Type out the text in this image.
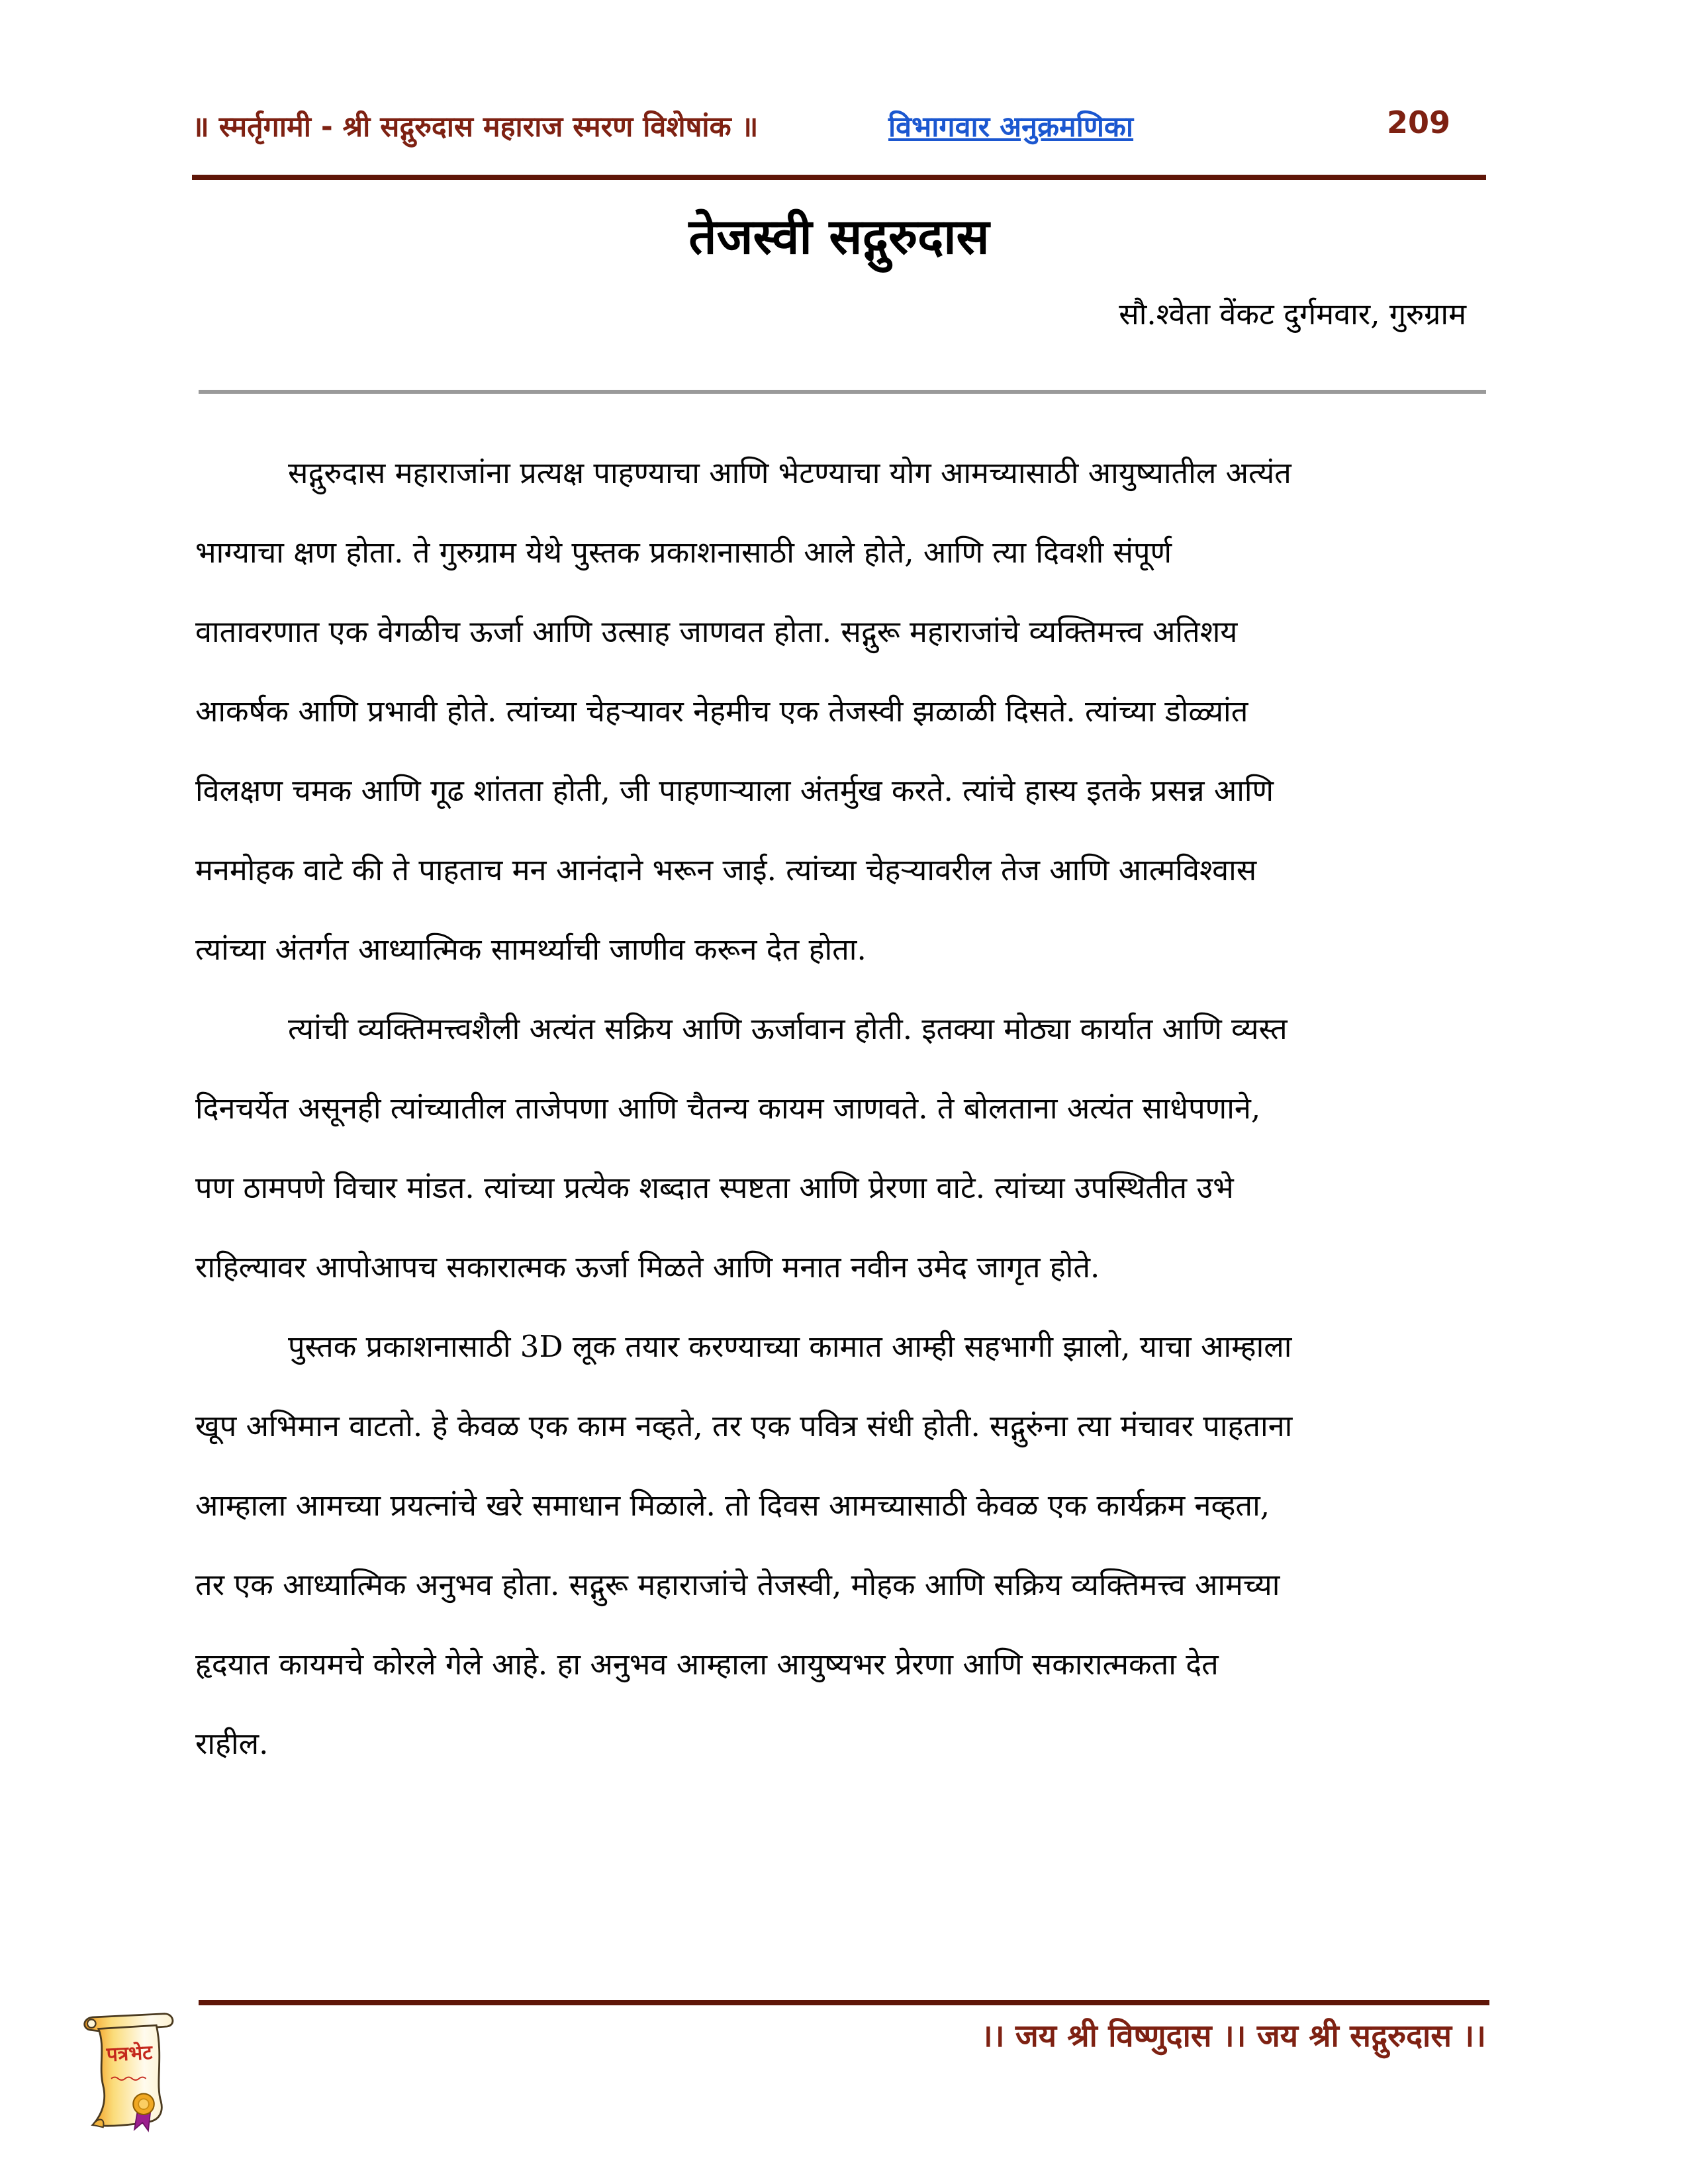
॥ स्मर्तृगामी - श्री सद्गुरुदास महाराज स्मरण विशेषांक ॥	विभागवार अनुक्रमणिका	209
तेजस्वी सद्गुरुदास
सौ.श्वेता वेंकट दुर्गमवार, गुरुग्राम
सद्गुरुदास महाराजांना प्रत्यक्ष पाहण्याचा आणि भेटण्याचा योग आमच्यासाठी आयुष्यातील अत्यंत
भाग्याचा क्षण होता. ते गुरुग्राम येथे पुस्तक प्रकाशनासाठी आले होते, आणि त्या दिवशी संपूर्ण
वातावरणात एक वेगळीच ऊर्जा आणि उत्साह जाणवत होता. सद्गुरू महाराजांचे व्यक्तिमत्त्व अतिशय
आकर्षक आणि प्रभावी होते. त्यांच्या चेहऱ्यावर नेहमीच एक तेजस्वी झळाळी दिसते. त्यांच्या डोळ्यांत
विलक्षण चमक आणि गूढ शांतता होती, जी पाहणाऱ्याला अंतर्मुख करते. त्यांचे हास्य इतके प्रसन्न आणि
मनमोहक वाटे की ते पाहताच मन आनंदाने भरून जाई. त्यांच्या चेहऱ्यावरील तेज आणि आत्मविश्वास
त्यांच्या अंतर्गत आध्यात्मिक सामर्थ्याची जाणीव करून देत होता.
त्यांची व्यक्तिमत्त्वशैली अत्यंत सक्रिय आणि ऊर्जावान होती. इतक्या मोठ्या कार्यात आणि व्यस्त
दिनचर्येत असूनही त्यांच्यातील ताजेपणा आणि चैतन्य कायम जाणवते. ते बोलताना अत्यंत साधेपणाने,
पण ठामपणे विचार मांडत. त्यांच्या प्रत्येक शब्दात स्पष्टता आणि प्रेरणा वाटे. त्यांच्या उपस्थितीत उभे
राहिल्यावर आपोआपच सकारात्मक ऊर्जा मिळते आणि मनात नवीन उमेद जागृत होते.
पुस्तक प्रकाशनासाठी 3D लूक तयार करण्याच्या कामात आम्ही सहभागी झालो, याचा आम्हाला
खूप अभिमान वाटतो. हे केवळ एक काम नव्हते, तर एक पवित्र संधी होती. सद्गुरुंना त्या मंचावर पाहताना
आम्हाला आमच्या प्रयत्नांचे खरे समाधान मिळाले. तो दिवस आमच्यासाठी केवळ एक कार्यक्रम नव्हता,
तर एक आध्यात्मिक अनुभव होता. सद्गुरू महाराजांचे तेजस्वी, मोहक आणि सक्रिय व्यक्तिमत्त्व आमच्या
हृदयात कायमचे कोरले गेले आहे. हा अनुभव आम्हाला आयुष्यभर प्रेरणा आणि सकारात्मकता देत
राहील.
।। जय श्री विष्णुदास ।। जय श्री सद्गुरुदास ।।
पत्रभेट
